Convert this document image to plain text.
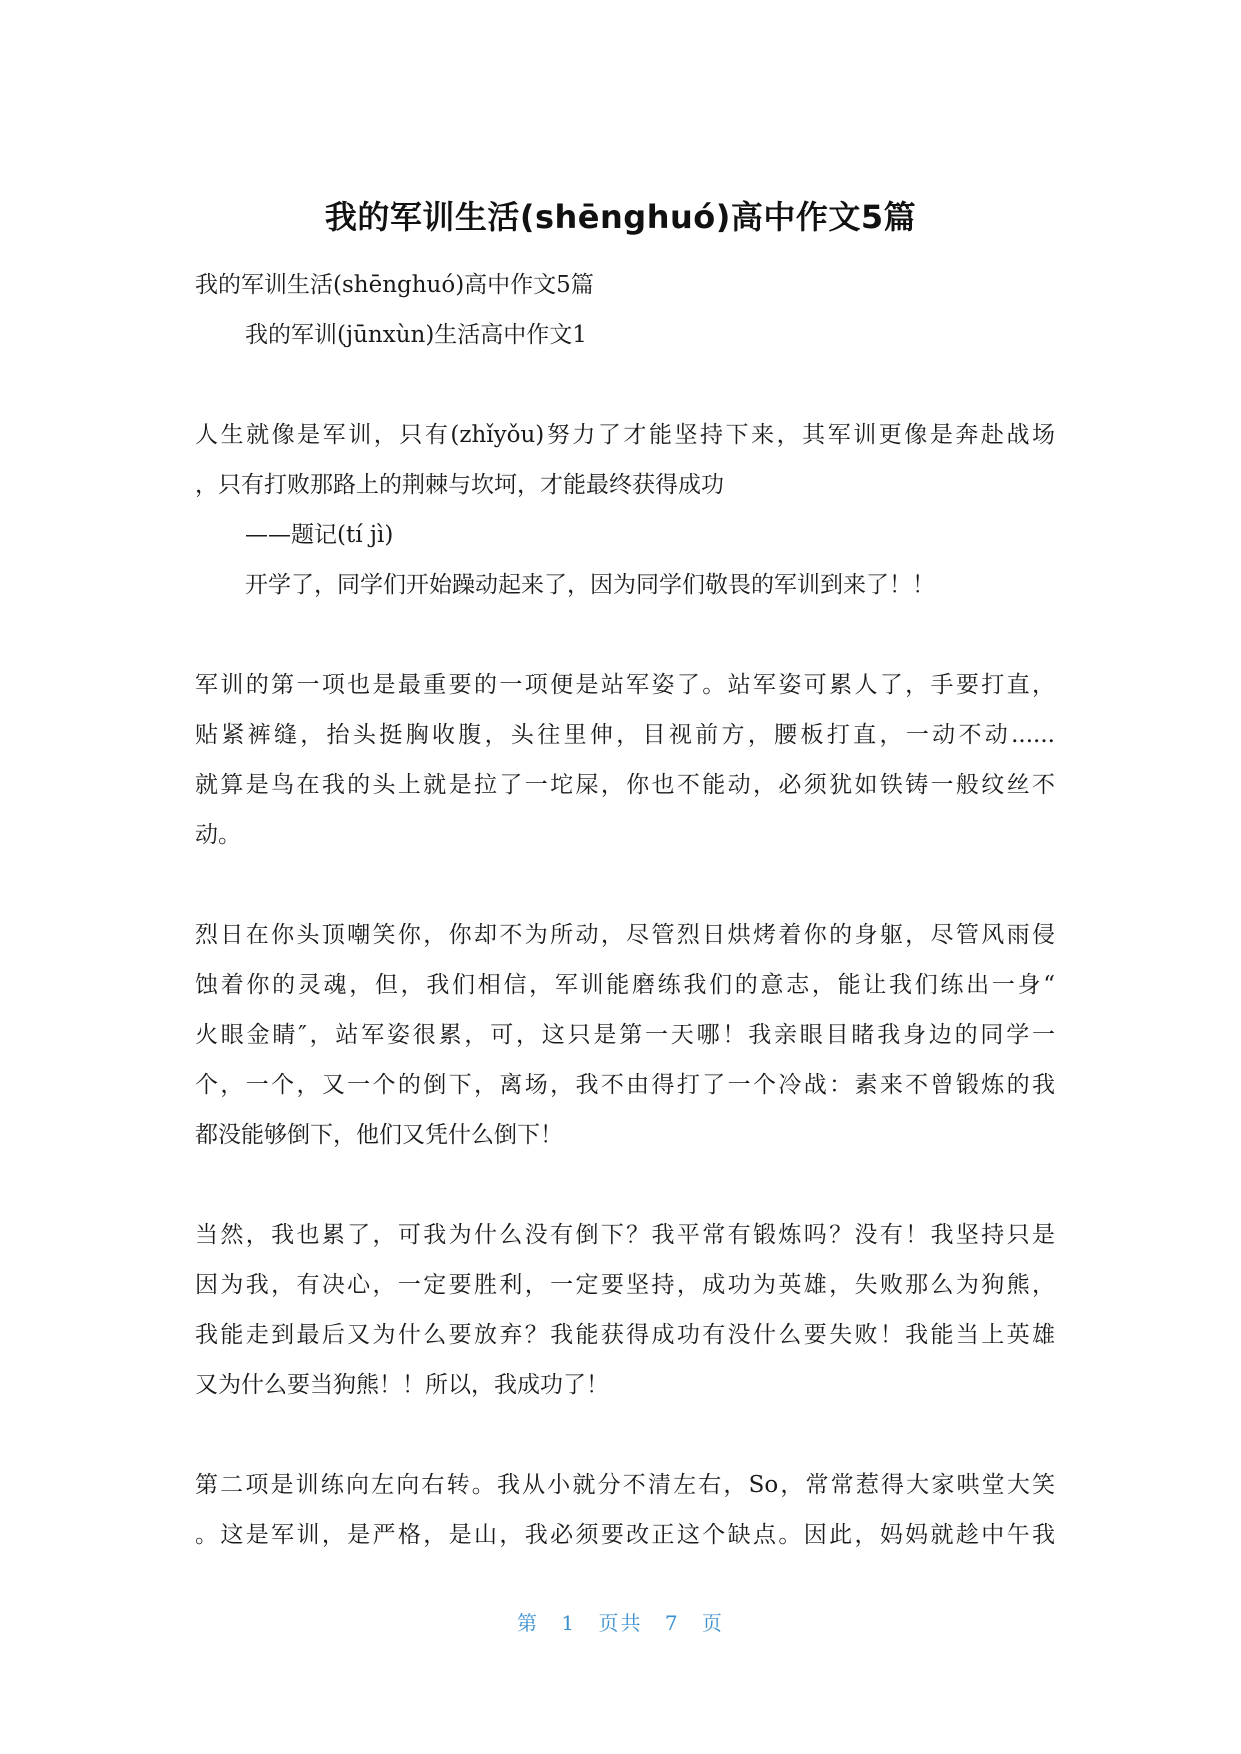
我的军训生活(shēnghuó)高中作文5篇
我的军训生活(shēnghuó)高中作文5篇
我的军训(jūnxùn)生活高中作文1
人生就像是军训，只有(zhǐyǒu)努力了才能坚持下来，其军训更像是奔赴战场
，只有打败那路上的荆棘与坎坷，才能最终获得成功
——题记(tí jì)
开学了，同学们开始躁动起来了，因为同学们敬畏的军训到来了！！
军训的第一项也是最重要的一项便是站军姿了。站军姿可累人了，手要打直，
贴紧裤缝，抬头挺胸收腹，头往里伸，目视前方，腰板打直，一动不动......
就算是鸟在我的头上就是拉了一坨屎，你也不能动，必须犹如铁铸一般纹丝不
动。
烈日在你头顶嘲笑你，你却不为所动，尽管烈日烘烤着你的身躯，尽管风雨侵
蚀着你的灵魂，但，我们相信，军训能磨练我们的意志，能让我们练出一身“
火眼金睛″，站军姿很累，可，这只是第一天哪！我亲眼目睹我身边的同学一
个，一个，又一个的倒下，离场，我不由得打了一个冷战：素来不曾锻炼的我
都没能够倒下，他们又凭什么倒下！
当然，我也累了，可我为什么没有倒下？我平常有锻炼吗？没有！我坚持只是
因为我，有决心，一定要胜利，一定要坚持，成功为英雄，失败那么为狗熊，
我能走到最后又为什么要放弃？我能获得成功有没什么要失败！我能当上英雄
又为什么要当狗熊！！所以，我成功了！
第二项是训练向左向右转。我从小就分不清左右，So，常常惹得大家哄堂大笑
。这是军训，是严格，是山，我必须要改正这个缺点。因此，妈妈就趁中午我
第 1 页共 7 页
